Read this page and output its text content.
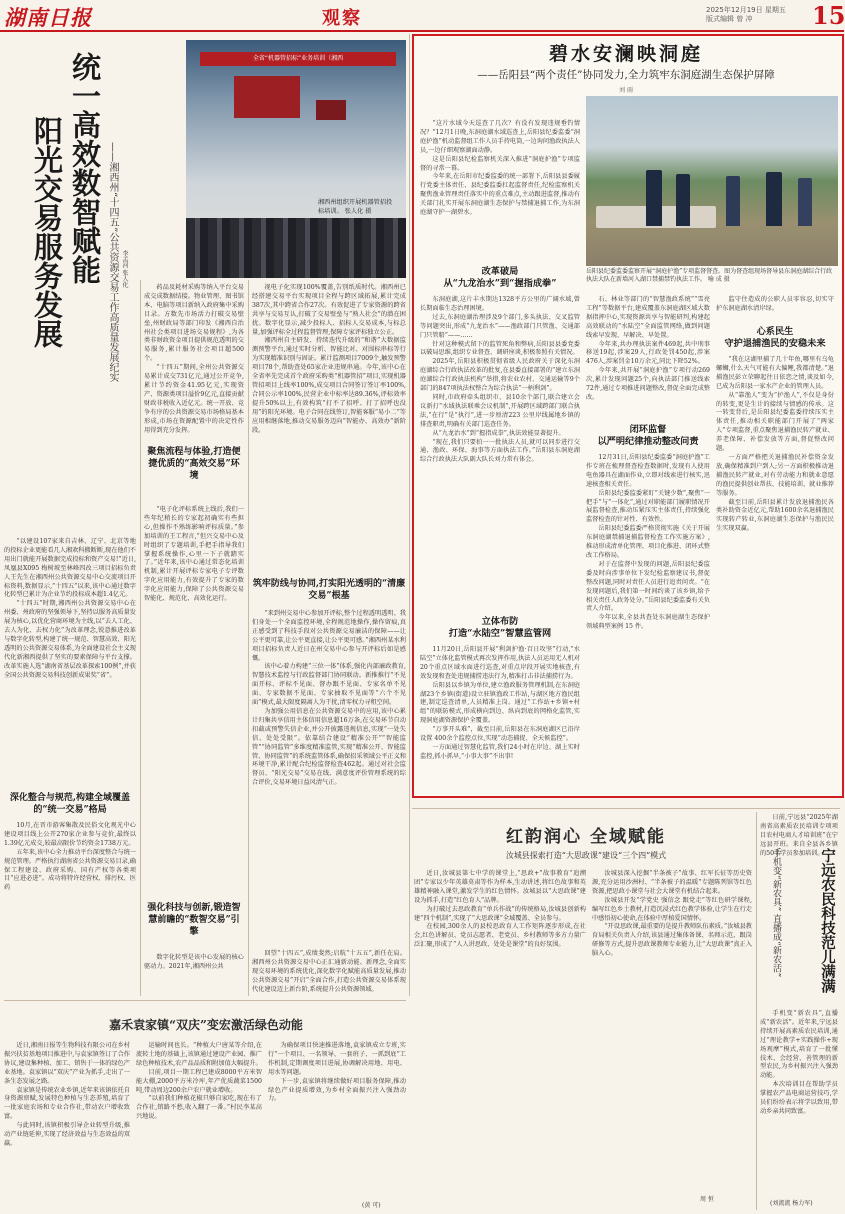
湖南日报	观察	2025年12月19日 星期五
版式编辑 曾 冲	15
统一高效数智赋能
阳光交易服务发展	——湘西州“十四五”公共资源交易工作高质量发展纪实 李孟河 张人化
全省“机器管招标”业务培训（湘西
湘西州组织开展机器管招投标培训。 张人化 摄

“以建设107家来自吉林、辽宁、北京等地的投标企业更能看几人湘欢科搬断断,现在他们不用出门就能开展数据完成投标和资产交易!”近日,凤凰县X095 梅树坡至林峰四改三项目招标负责人王先生在湘西州公共资源交易中心交流项目开标资料,数据显示,“十四五”以来,该中心通过数字化转型已累计为企业节约投标成本超1.4亿元。

“十四五”时期,湘西州公共资源交易中心在州委、州政府的坚强领导下,坚持以服务高质量发展为核心,以优化营商环境为主线,以“去人工化、去人为化、去权力化”为改革理念,锐意推进改革与数字化转型,构建了统一规范、智慧高效、阳光透明的公共资源交易体系,为全面建设社会主义现代化新湘西提供了坚实的要素保障与平台支撑。改革实施人选“湖南省基层改革探索100例”,并获全国公共资源交易科技创新成果奖“省”。

深化整合与规范,构建全域覆盖的“统一交易”格局

10月,在晋市游客集散及民俗文化观光中心建设项目线上公开270家企业参与竞价,最终以1.39亿元成交,较最高限价节约资金1738万元。

五年来,该中心全力推动平台深度整合与统一规范管理。严格执行湖南省公共资源交易目录,确保工程建设、政府采购、国有产权等各类项目“应进必进”。成功将特许经营权、排污权、医药

药品及耗材采购等纳入平台交易成交成数据结接。物业管理、图书馆本、电脑等项目新纳入政府集中采购目录。方数先市场活力打破交易壁垒,州财政局等部门印发《湘西自治州社会类项目进场交易规程》,为各类非财政资金项目提供规范透明的交易服务,累计服务社会项目超500个。

“十四五”期间,全州公共资源交易累计成交731亿元,通过公开竞争,累计节约资金41.95亿元,实现资产、资源类项目溢价9亿元,直接贡献财政非税收入近亿元。统一开放、竞争有序的公共资源交易市场格局基本形成,市场在资源配置中的决定性作用得到充分发挥。

聚焦流程与体验,打造便捷优质的“高效交易”环境

“电子化评标系统上线后,我们一些年纪稍长的专家起初确实有些担心,但操作不熟练影响评标质量。”参加培训的王工程言,“但兴交易中心及时组织了专题培训,手把手指导我们掌握系统操作,心里一下子就踏实了。”近年来,该中心通过常态化培训机制,累计开展评标专家电子专评数字化应用能力,有效提升了专家的数字化应用能力,保障了公共资源交易智能化、规范化、高效化运行。

强化科技与创新,锻造智慧前瞻的“数智交易”引擎

数字化转型是该中心发展的核心驱动力。2021年,湘西州公共

视电子化实现100%覆盖,告别纸质时代。湘西州已经搭建交易平台实现项目全程与跨区域拓展,累计完成387次,其中跨省合作27次。有效促进了专家资源的跨省共享与交易互认,打破了交易壁垒与“熟人社会”的潜在困扰。数字化显示,减少投标人、招标人交易成本,与标总量,加强评标全过程监督管理,保障专家评标独立公正。

湘西州自主研发、持续迭代升级的“和谐”大数据监测预警平台,通过实时分析、智能比对、对围标串标等行为实现精准识别与固证。累计监测项目7009个,触发预警项目78个,帮助查处65家企业违规串通。今年,该中心在全省率先完成首个政府采购类“机器管招”项目,实现机器管招项目上线率100%,成交项目合同签订签订率100%,合同公示率100%,民营企业中标率达89.36%,评标效率提升50%以上,有效构筑“打不了招呼、打了招呼也没用”的阳光环境。电子合同在线签订,智能客服“易小二”等应用相继落地,推动交易服务迈向“智能办、高效办”新阶段。

筑牢防线与协同,打实阳光透明的“清廉交易”根基

“来到州交易中心参加开评标,整个过程透明透明、我们身处一个全面监控环境,全程规范地操作,操作留痕,真正感受到了科技手段对公共资源交易廉洁的保障——让公平更可靠,让公平更直接,让公平更可感。”湘西州某水利项目招标负责人近日在州交易中心参与开评标后如是感慨。

该中心着力构建“三位一体”体系,强化内部廉政教育,智慧技术监控与行政监督部门协同联动。新推推行“不见面开标、评标不见面、督办跟不见面、专家名单不见面、专家数据不见面、专家抽取不见面等“六个不见面”模式,最大限度隔离人为干扰,清零权力寻租空间。

为加强公用信息在公共资源交易中的应用,该中心累计归集共享信用主体信用信息超16万条,在交易环节自动扣截或预警失信企业,并公开披露违规信息,实现“一处失信、处处受限”。依靠结合建设“精准公开”“智能监管”“协同监管”多维度精准监管,实现“精准公开、智能监管、协同监管”的系统监管体系,确保招采领域公平正义和环境干净,累计配合纪检监督检查462起。通过对社会监督员、“阳光交易”交易在线、满意度评价管理系统的综合评价,交易环境日益风清气正。

回望“十四五”,成绩斐然;启航“十五五”,新任在肩。湘西州公共资源交易中心正汇通新动能、新理念,全面实现交易环境的系统优化,深化数字化赋能高质量发展,推动公共资源交易”开启”全面合作,打造公共资源交易体系现代化建设迈上新台阶,系统提升公共资源领域。

碧水安澜映洞庭
——岳阳县“两个责任”协同发力,全力筑牢东洞庭湖生态保护屏障
刘 雨

“这片水域今天巡查了几次？有没有发现违规垂钓情况？”12月1日晚,东洞庭湖水域巡查上,岳阳县纪委监委“洞庭护渔”机动监督组工作人员手持电筒,一边询问渔政执法人员,一边仔细观察湖面动静。

这是岳阳县纪检监察机关深入推进“洞庭护渔”专项监督的寻常一幕。

今年来,在岳阳市纪委监委的统一部署下,岳阳县县委履行党委主体责任、县纪委监委扛起监督责任,纪检监察机关聚焦渔业管理责任落实中的重点难点,主动跟进监督,推动有关部门扎实开展东洞庭湖生态保护与禁捕退捕工作,为东洞庭湖守护一湖碧水。

岳阳县纪委监委监察开展“洞庭护渔”专项监督督查。图为督查组现场督导县东洞庭湖综合行政执法大队在新墙河入湖口禁捕禁钓执法工作。 喻 成 摄
改革破局
从“九龙治水”到“握指成拳”

东洞庭湖,这片丰水期达1328平方公里的广阔水域,曾长期面临生态治理困境。

过去,东洞庭湖治理涉及9个部门,多头执法、交叉监管等问题突出,形成“九龙治水”——渔政部门只管渔、交通部门只管船”——……

针对这种模式留下的监管死角和弊病,岳阳县县委党委以破局思维,组织专业督查、调研座谈,积极参照有关情况。

2025年,岳阳县积极贯彻省级人民政府关于深化东洞庭湖综合行政执法改革的批复,在县委直接部署的“建立东洞庭湖综合行政执法机构”举措,将农业农村、交通运输等9个部门的847项执法权整合为综合执法“一柄利剑”。

同时,市政府牵头组织市、县10余个部门,联合建立会议新打“水域执法联乘会议机制”,开展跨区域跨部门联合执法,“在行”是“执行”,进一步厘清223 公里岸线属地乡镇的排查职责,明确有关部门巡查任务。

从“九龙治水”到“握指成拳”,执法效能显著提升。

“现在,我们只要拍一一批执法人员,就可以同步进行交通、渔政、环保、海事等方面执法工作。”岳阳县东洞庭湖综合行政执法大队副大队长刘力常有体会。

立体布防
打造“水陆空”智慧监管网

11月20日,岳阳县开展“利剑护渔·百日攻坚”行动,“水陆空”立体化监管模式再次发挥作用,执法人员运用无人机对20个重点区域水面进行巡查,对重点岸段开展实地核查,有效发现和查处违规捕捞违法行为,精准打击非法捕捞行为。

岳阳县以乡镇为单位,建立渔政服务管理机制,在东洞庭湖23个乡镇(街道)设立驻镇渔政工作站,与湖区地方渔民组建,制定巡查清单,人员精准上岗。通过“工作站+乡镇+村组”的联防模式,形成横向到边、纵向到底的网格化监管,实现洞庭湖资源保护全覆盖。

“万事开头难”，截至目前,岳阳县在东洞庭湖区已沿岸设置 400余个监控点位,实现“动态捕捉、全天候监控”。

一方面通过智慧化监管,我们24小时在岸边、湖上实时监控,抓小抓早,“小事大事”不出事!

石、林业等部门的“智慧渔政系统”“雪亮工程”等数据平台,建成覆盖东洞庭湖区域大数据指挥中心,实现资源共享与智能研判,构建起高效联动的“水陆空”全面监管网络,做到问题线索早发现、早解决、早处置。

今年来,共办理执法案件469起,共中刑事移送19起,涉案29人,行政处罚450起,涉案476人,涉案罚金10万余元,同比下降52%。

今年来,共开展“洞庭护渔”专项行动269次,累计发现问题25个,向执法部门推送线索72件,通过专项推进问题整改,督促全面完成整改。

闭环监督
以严明纪律推动整改问责

12月31日,岳阳县纪委监委“洞庭护渔”工作专班在梳理督查检查数据时,发现有人使用电鱼器具在湖面作业,立即对线索进行核实,迅速核查相关责任。

岳阳县纪委监委紧盯“关键少数”,聚焦“一把手”与“一体化”,通过对职能部门履职情况开展监督检查,推动压紧压实主体责任,持续强化监督检查的针对性、有效性。

岳阳县纪委监委严格贯彻实施《关于开展东洞庭湖禁捕退捕监督检查工作实施方案》,推动形成清单化管理、项目化推进、闭环式整改工作格局。

对于在监督中发现的问题,岳阳县纪委监委及时向涉事单位下发纪检监察建议书,督促整改问题,同时对责任人员进行追责问责。“在发现问题后,我们第一时间约谈了该乡镇,给予相关责任人政务处分。”岳阳县纪委监委有关负责人介绍。

今年以来,全县共查处东洞庭湖生态保护领域典型案例 15 件。

监守住造成的公职人员零容忍,切实守护东洞庭湖水清岸绿。

心系民生
守护退捕渔民的安稳未来

“我在这湖里捕了几十年鱼,哪里有乌龟螺蛳,什么天气可能有大偏鲤,我都清楚。”退捕渔民彭立荣聊起往日依恋之情,谈及如今,已成为岳阳县一家水产企业的管理人员。

从“靠渔人”变为“护渔人”,不仅是身份的转变,更是生计的接续与情感的传承。这一转变背后,是岳阳县纪委监委持续压实主体责任,推动相关职能部门开展了“两家人”专项监督,重点聚焦退捕渔民转产就业、养老保障、补偿发放等方面,督促整改问题。

一方面严格把关退捕渔民补偿资金发放,确保精准到户到人;另一方面积极推动退捕渔民转产就业,对有劳动能力和就业意愿的渔民提供创业帮扶、技能培训、就业推荐等服务。

截至目前,岳阳县累计发放退捕渔民各类补助资金近亿元,帮助1600余名退捕渔民实现转产转业,东洞庭湖生态保护与渔民民生实现双赢。

红韵润心 全域赋能
汝城县探索打造“大思政课”建设“三个四”模式

近日,汝城县第七中学的课堂上,“思政+”故事教育“追溯团”专家以少年英雄莫肃等作为样本,生动讲述,将红色故事和英雄精神融入课堂,激发学生的红色情怀。汝城县以“大思政课”建设为抓手,打造“红色育人”品牌。

为打破过去思政教育“单兵作战”的传统格局,汝城县创新构建“四个机制”,实现了“大思政课”全域覆盖、全员参与。

在校园,300余人的县校思政育人工作矩阵逐步形成,在社会,红色讲解员、党员志愿者、老党员、乡村教师等多方力量广泛汇聚,形成了“人人讲思政、处处是课堂”的良好氛围。

汝城县深入挖掘“半条被子”故事、红军长征等历史资源,充分运用沙洲村、“半条被子的温暖”专题陈列馆等红色资源,把思政小课堂与社会大课堂有机结合起来。

汝城县开发“学党史 强信念 跟党走”等红色研学课程,编写红色乡土教材,打造沉浸式红色教学体验,让学生在行走中感悟初心使命,在体验中厚植爱国情怀。

“开设思政课,最重要的是提升教师队伍素质。”汝城县教育局相关负责人介绍,该县通过集体备课、名师示范、跟岗研修等方式,提升思政课教师专业能力,让“大思政课”真正入脑入心。

周 恒
宁远农民科技范儿满满
手机变“新农具” 直播成“新农活”

日前,宁远县“2025年湖南省高素质农民培训专项项目农村电商人才培训班”在宁远县开班。来自全县各乡镇的50名学员参加培训。

手机变“新农具”,直播成“新农活”。近年来,宁远县持续开展高素质农民培训,通过“理论教学+实践操作+现场观摩”模式,培育了一批懂技术、会经营、善管理的新型农民,为乡村振兴注入强劲动能。

本次培训目在帮助学员掌握农产品电商运营技巧,学员们纷纷表示将学以致用,带动乡亲共同致富。

(刘流流 杨力军)
嘉禾袁家镇“双庆”变宏激活绿色动能

近日,湘南日报等生物科技有限公司在乡村振兴扶贫基地项目推进中,与袁家镇签订了合作协议,建设集种植、加工、销售于一体的绿色产业基地。袁家镇以“双庆”产业为抓手,走出了一条生态发展之路。

袁家镇是传统农业乡镇,近年来该镇依托自身资源禀赋,发展特色种植与生态养殖,培育了一批家庭农场和专业合作社,带动农户增收致富。

与此同时,该镇积极引导企业转型升级,推动产业链延伸,实现了经济效益与生态效益的双赢。

运输时间也长。“种植大户唐某等介绍,在流转土地的基础上,该镇通过建设产业园、推广绿色种植技术,农产品品质和附加值大幅提升。

目前,项目一期工程已建成8000平方米智能大棚,2000平方米冷库,年产优质蔬菜1500吨,带动周边200余户农户就业增收。

“以前我们种植花椒只够自家吃,现在有了合作社,销路不愁,收入翻了一番。”村民李某高兴地说。

为确保项目快速推进落地,袁家镇成立专班,实行“一个项目、一名领导、一套班子、一抓到底”工作机制,定期调度项目进展,协调解决用地、用电、用水等问题。

下一步,袁家镇将继续做好项目服务保障,推动绿色产业提质增效,为乡村全面振兴注入强劲动力。

(黄 可)
